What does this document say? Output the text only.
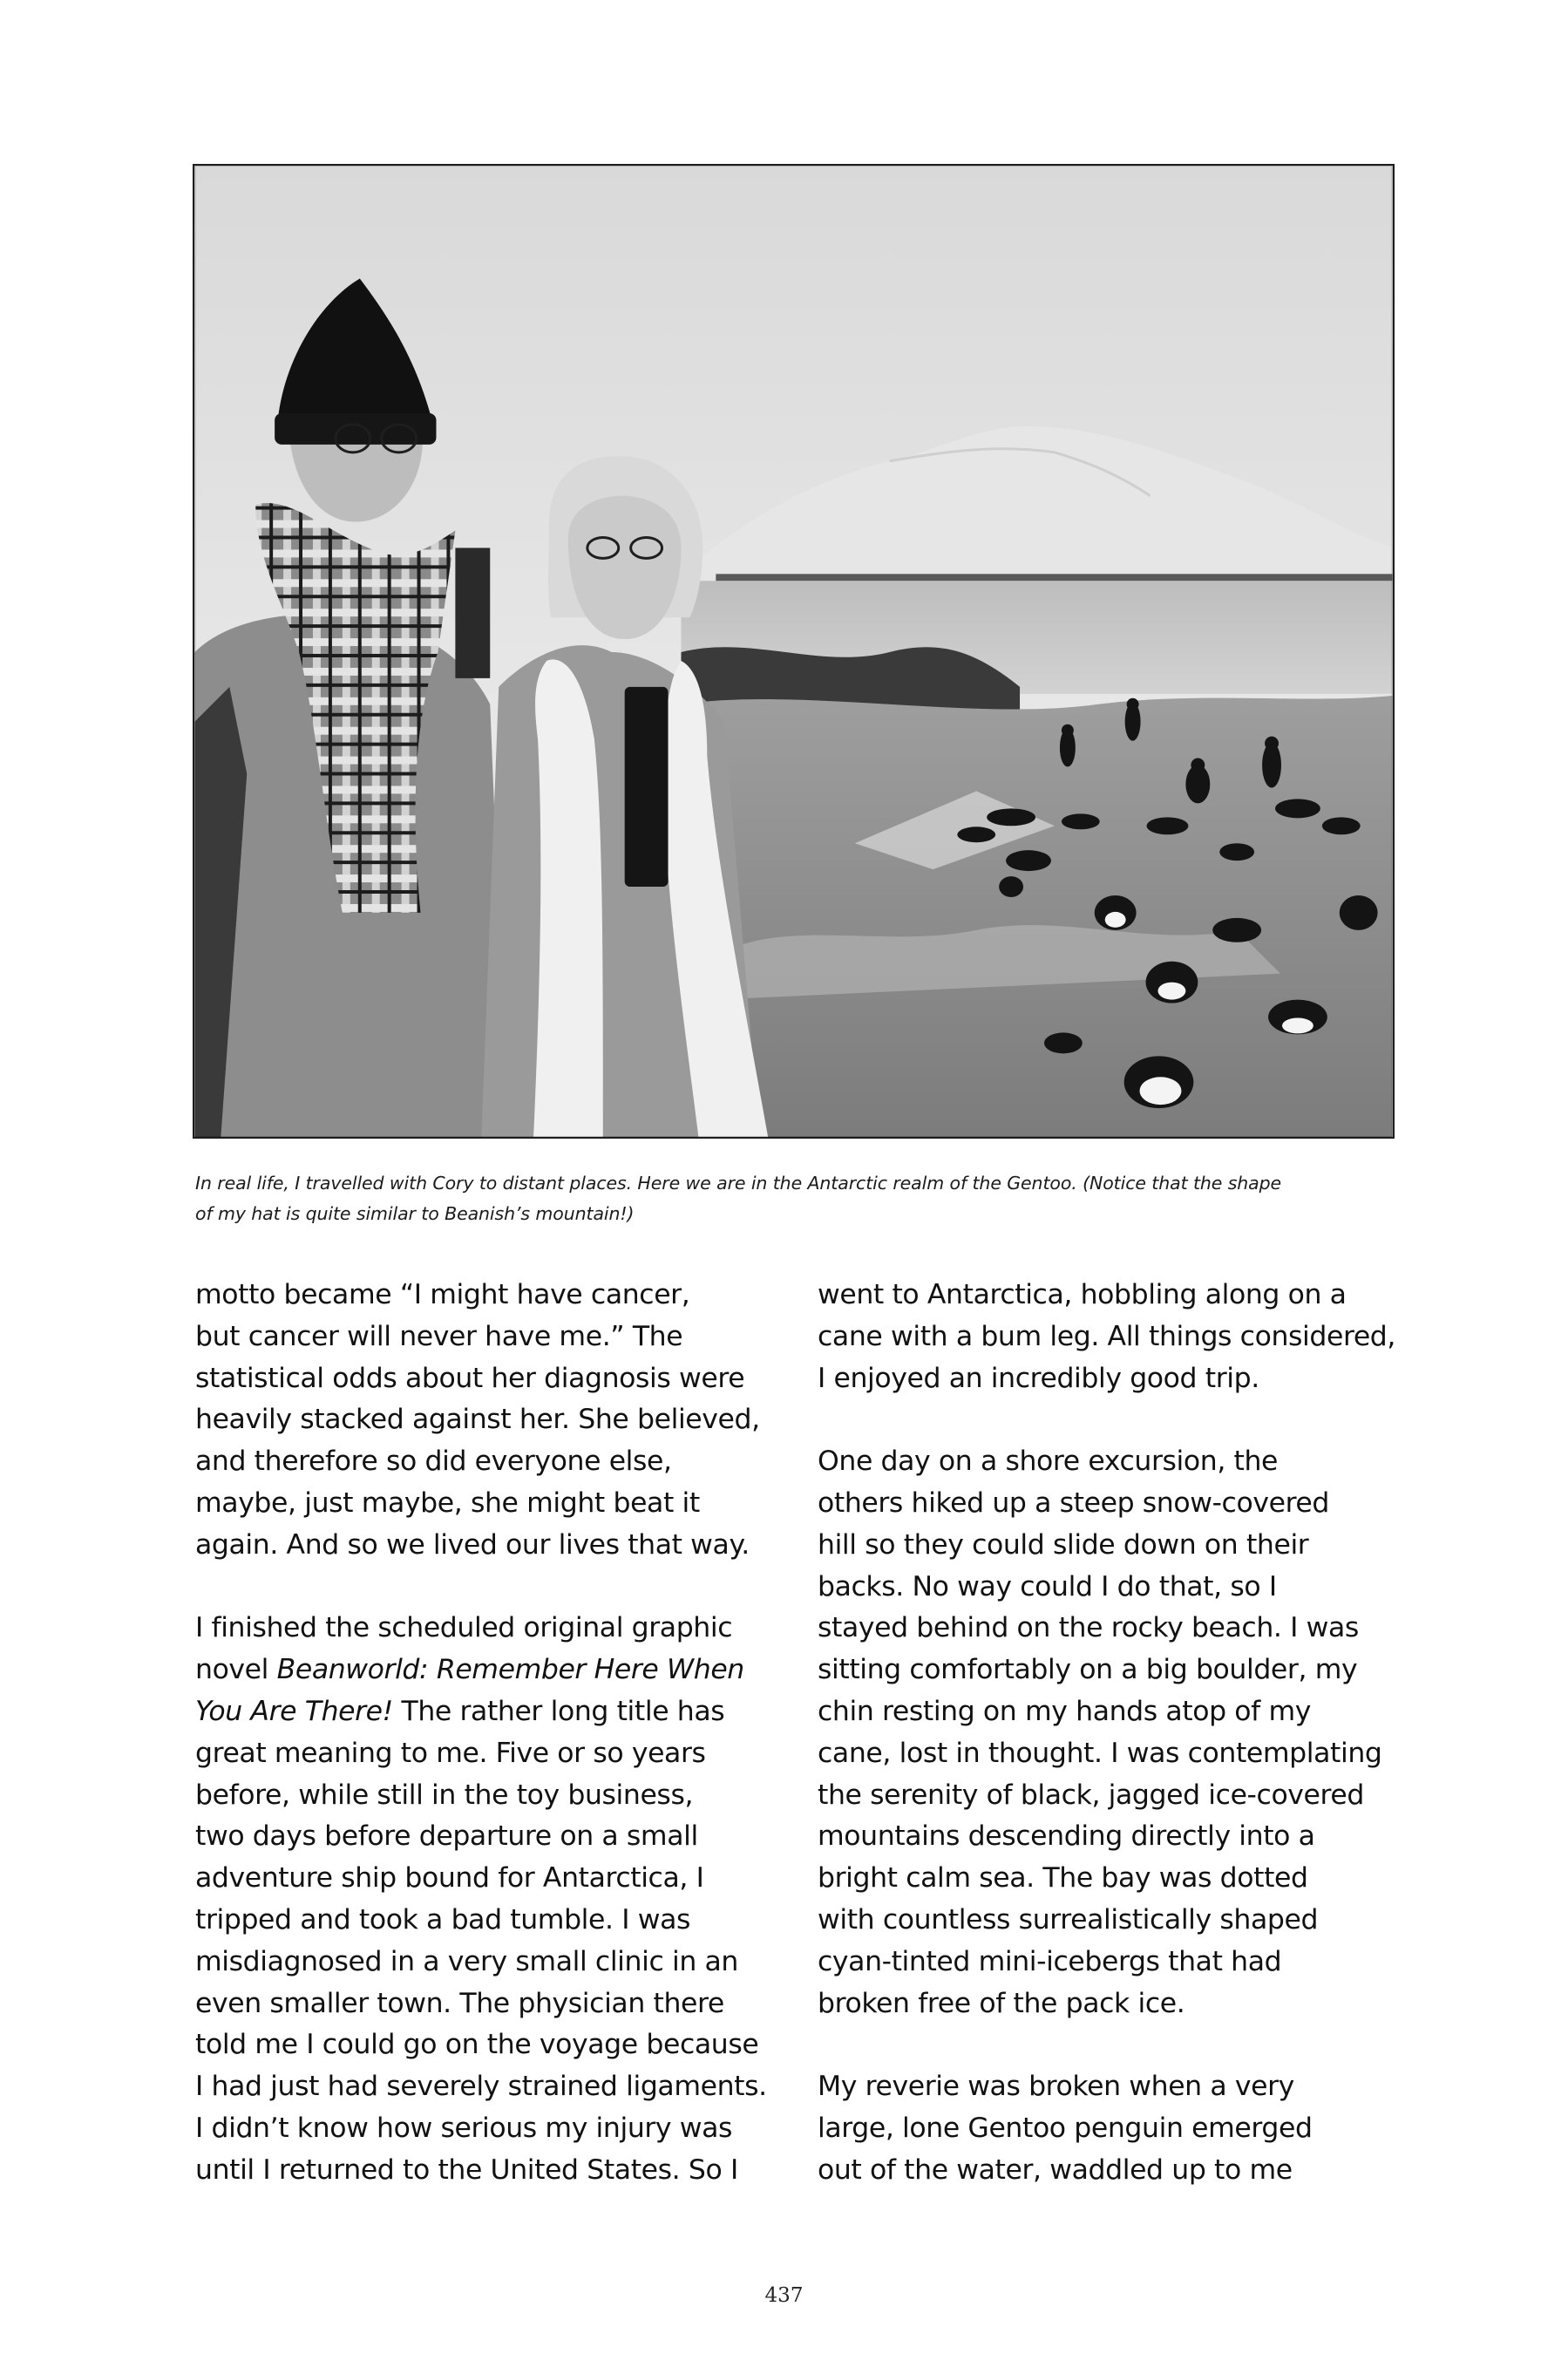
In real life, I travelled with Cory to distant places. Here we are in the Antarctic realm of the Gentoo. (Notice that the shape
of my hat is quite similar to Beanish’s mountain!)

motto became “I might have cancer,
but cancer will never have me.” The
statistical odds about her diagnosis were
heavily stacked against her. She believed,
and therefore so did everyone else,
maybe, just maybe, she might beat it
again. And so we lived our lives that way.

I finished the scheduled original graphic
novel Beanworld: Remember Here When
You Are There! The rather long title has
great meaning to me. Five or so years
before, while still in the toy business,
two days before departure on a small
adventure ship bound for Antarctica, I
tripped and took a bad tumble. I was
misdiagnosed in a very small clinic in an
even smaller town. The physician there
told me I could go on the voyage because
I had just had severely strained ligaments.
I didn’t know how serious my injury was
until I returned to the United States. So I

went to Antarctica, hobbling along on a
cane with a bum leg. All things considered,
I enjoyed an incredibly good trip.

One day on a shore excursion, the
others hiked up a steep snow-covered
hill so they could slide down on their
backs. No way could I do that, so I
stayed behind on the rocky beach. I was
sitting comfortably on a big boulder, my
chin resting on my hands atop of my
cane, lost in thought. I was contemplating
the serenity of black, jagged ice-covered
mountains descending directly into a
bright calm sea. The bay was dotted
with countless surrealistically shaped
cyan-tinted mini-icebergs that had
broken free of the pack ice.

My reverie was broken when a very
large, lone Gentoo penguin emerged
out of the water, waddled up to me

437
